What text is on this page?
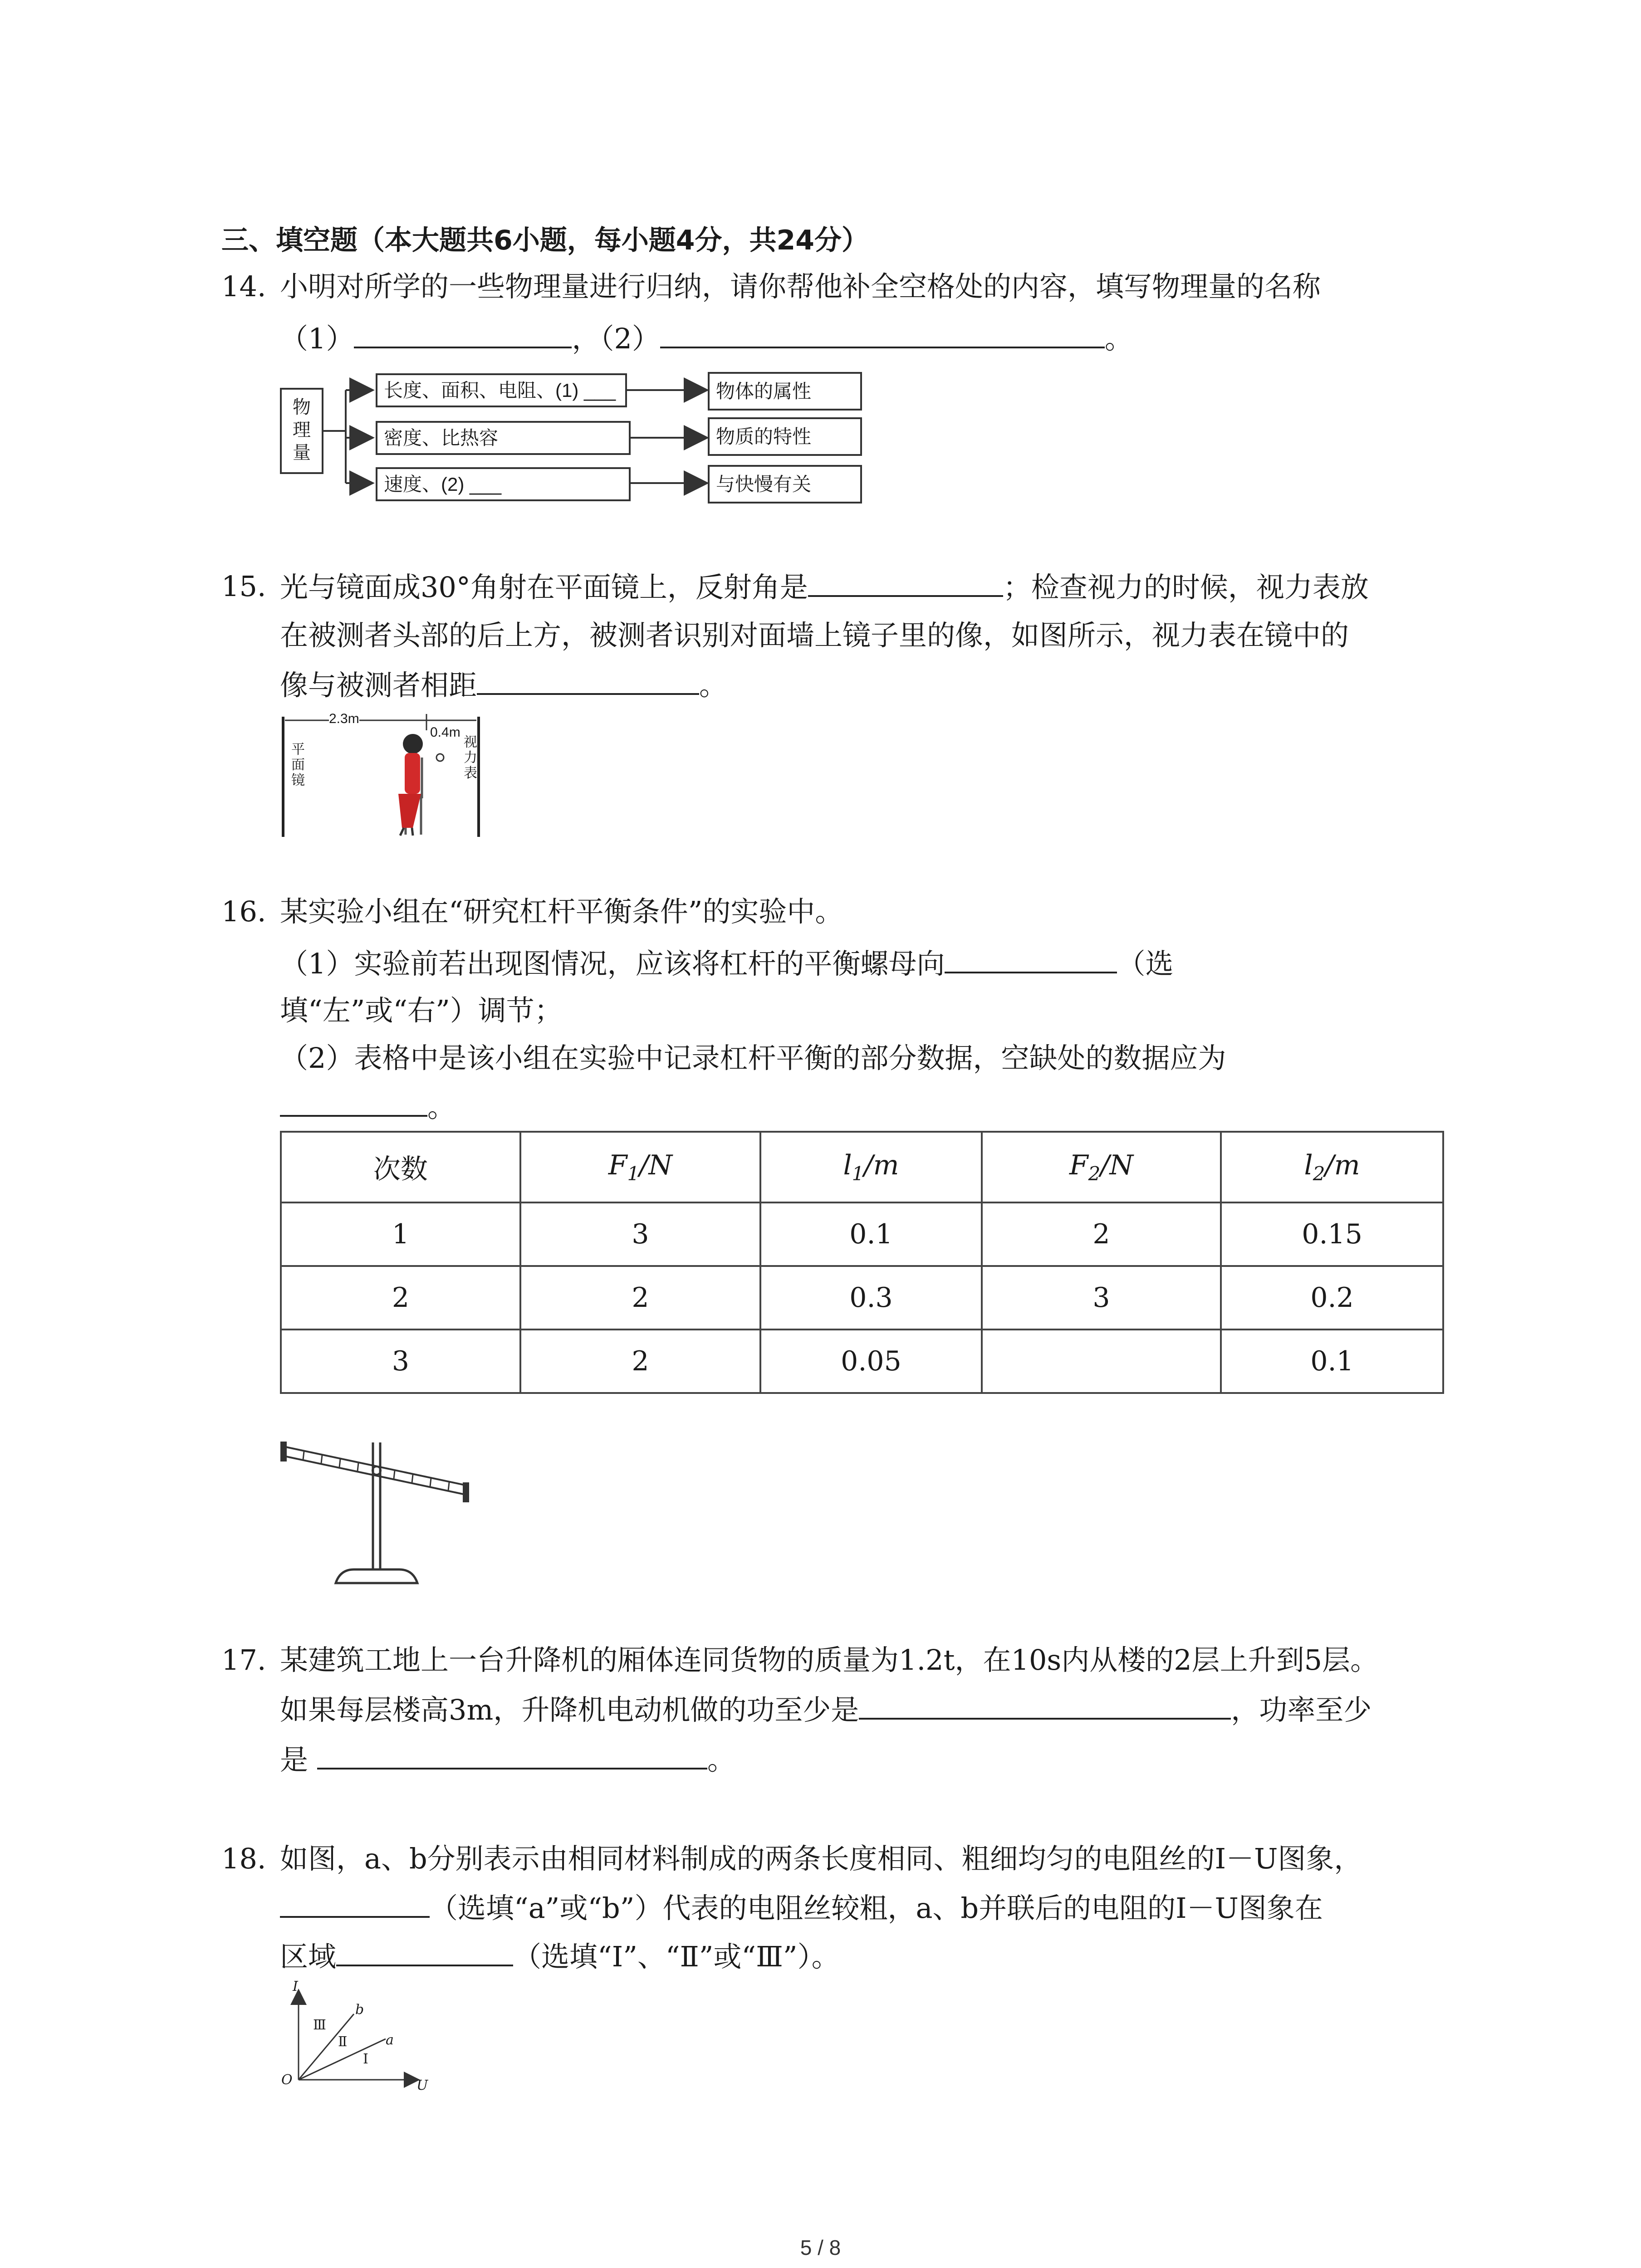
三、填空题（本大题共6小题，每小题4分，共24分）
14. 小明对所学的一些物理量进行归纳，请你帮他补全空格处的内容，填写物理量的名称
（1）	，（2）	。
物
理
量
长度、面积、电阻、(1) ___
密度、比热容
速度、(2) ___
物体的属性
物质的特性
与快慢有关
15. 光与镜面成30°角射在平面镜上，反射角是	；检查视力的时候，视力表放
在被测者头部的后上方，被测者识别对面墙上镜子里的像，如图所示，视力表在镜中的
像与被测者相距	。
2.3m
0.4m
平
面
镜
视
力
表
16. 某实验小组在“研究杠杆平衡条件”的实验中。
（1）实验前若出现图情况，应该将杠杆的平衡螺母向	（选
填“左”或“右”）调节；
（2）表格中是该小组在实验中记录杠杆平衡的部分数据，空缺处的数据应为
。
次数	$F_1/N$	$l_1/m$	$F_2/N$	$l_2/m$
1	3	0.1	2	0.15
2	2	0.3	3	0.2
3	2	0.05		0.1
17. 某建筑工地上一台升降机的厢体连同货物的质量为1.2t，在10s内从楼的2层上升到5层。
如果每层楼高3m，升降机电动机做的功至少是	，功率至少
是	。
18. 如图，a、b分别表示由相同材料制成的两条长度相同、粗细均匀的电阻丝的I－U图象，
（选填“a”或“b”）代表的电阻丝较粗，a、b并联后的电阻的I－U图象在
区域	（选填“Ⅰ”、“Ⅱ”或“Ⅲ”）。
I
U
O
b
a
Ⅲ
Ⅱ
Ⅰ
5 / 8
